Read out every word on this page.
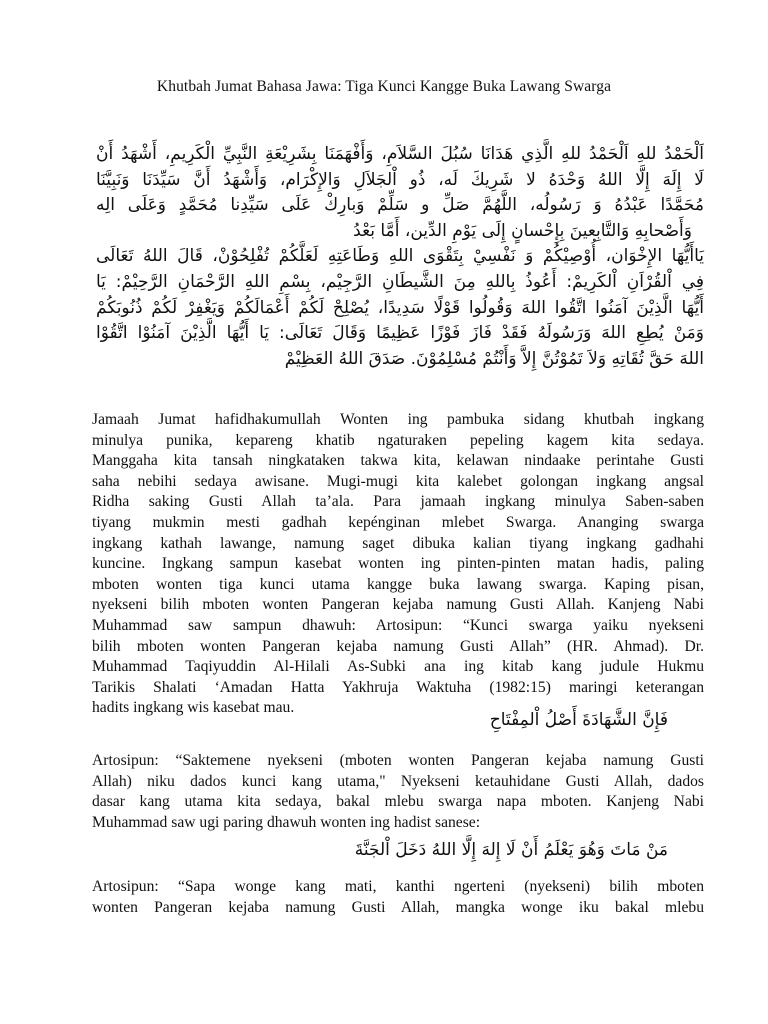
Khutbah Jumat Bahasa Jawa: Tiga Kunci Kangge Buka Lawang Swarga
اَلْحَمْدُ للهِ اَلْحَمْدُ للهِ الَّذِي هَدَانَا سُبُلَ السَّلاَمِ، وَأَفْهَمَنَا بِشَرِيْعَةِ النَّبِيِّ الْكَرِيمِ، أَشْهَدُ أَنْ
لَا إِلَهَ إِلَّا اللهُ وَحْدَهُ لا شَرِيكَ لَه، ذُو اْلجَلاَلِ وَالإِكْرَام، وَأَشْهَدُ أَنَّ سَيِّدَنَا وَنَبِيَّنَا
مُحَمَّدًا عَبْدُهُ وَ رَسُولُه، اللَّهُمَّ صَلِّ و سَلِّمْ وَبارِكْ عَلَى سَيِّدِنا مُحَمَّدٍ وَعَلَى الِه
وَأَصْحابِهِ وَالتَّابِعينَ بِإِحْسانٍ إِلَى يَوْمِ الدِّين، أَمَّا بَعْدُ
يَاأَيُّهَا الإِخْوَان، أُوْصِيْكُمْ وَ نَفْسِيْ بِتَقْوَى اللهِ وَطَاعَتِهِ لَعَلَّكُمْ تُفْلِحُوْنْ، قَالَ اللهُ تَعَالَى
فِي اْلقُرْاَنِ اْلكَرِيمْ: أَعُوذُ بِاللهِ مِنَ الشَّيطَانِ الرَّجِيْم، بِسْمِ اللهِ الرَّحْمَانِ الرَّحِيْمْ: يَا
أَيُّهَا الَّذِيْنَ آمَنُوا اتَّقُوا اللهَ وَقُولُوا قَوْلًا سَدِيدًا، يُصْلِحْ لَكُمْ أَعْمَالَكُمْ وَيَغْفِرْ لَكُمْ ذُنُوبَكُمْ
وَمَنْ يُطِعِ اللهَ وَرَسُولَهُ فَقَدْ فَازَ فَوْزًا عَظِيمًا وَقَالَ تَعَالَى: يَا أَيُّهَا الَّذِيْنَ آمَنُوْا اتَّقُوْا
اللهَ حَقَّ تُقَاتِهِ وَلاَ تَمُوْتُنَّ إِلاَّ وَأَنْتُمْ مُسْلِمُوْنَ. صَدَقَ اللهُ العَظِيْمْ
Jamaah Jumat hafidhakumullah Wonten ing pambuka sidang khutbah ingkang
minulya punika, kepareng khatib ngaturaken pepeling kagem kita sedaya.
Manggaha kita tansah ningkataken takwa kita, kelawan nindaake perintahe Gusti
saha nebihi sedaya awisane. Mugi-mugi kita kalebet golongan ingkang angsal
Ridha saking Gusti Allah ta’ala. Para jamaah ingkang minulya Saben-saben
tiyang mukmin mesti gadhah kepénginan mlebet Swarga. Ananging swarga
ingkang kathah lawange, namung saget dibuka kalian tiyang ingkang gadhahi
kuncine. Ingkang sampun kasebat wonten ing pinten-pinten matan hadis, paling
mboten wonten tiga kunci utama kangge buka lawang swarga. Kaping pisan,
nyekseni bilih mboten wonten Pangeran kejaba namung Gusti Allah. Kanjeng Nabi
Muhammad saw sampun dhawuh: Artosipun: “Kunci swarga yaiku nyekseni
bilih mboten wonten Pangeran kejaba namung Gusti Allah” (HR. Ahmad). Dr.
Muhammad Taqiyuddin Al-Hilali As-Subki ana ing kitab kang judule Hukmu
Tarikis Shalati ‘Amadan Hatta Yakhruja Waktuha (1982:15) maringi keterangan
hadits ingkang wis kasebat mau.
فَإِنَّ الشَّهَادَةَ أَصْلُ اْلمِفْتَاحِ
Artosipun: “Saktemene nyekseni (mboten wonten Pangeran kejaba namung Gusti
Allah) niku dados kunci kang utama," Nyekseni ketauhidane Gusti Allah, dados
dasar kang utama kita sedaya, bakal mlebu swarga napa mboten. Kanjeng Nabi
Muhammad saw ugi paring dhawuh wonten ing hadist sanese:
مَنْ مَاتَ وَهُوَ يَعْلَمُ أَنْ لَا إِلهَ إِلَّا اللهُ دَخَلَ اْلجَنَّةَ
Artosipun: “Sapa wonge kang mati, kanthi ngerteni (nyekseni) bilih mboten
wonten Pangeran kejaba namung Gusti Allah, mangka wonge iku bakal mlebu
